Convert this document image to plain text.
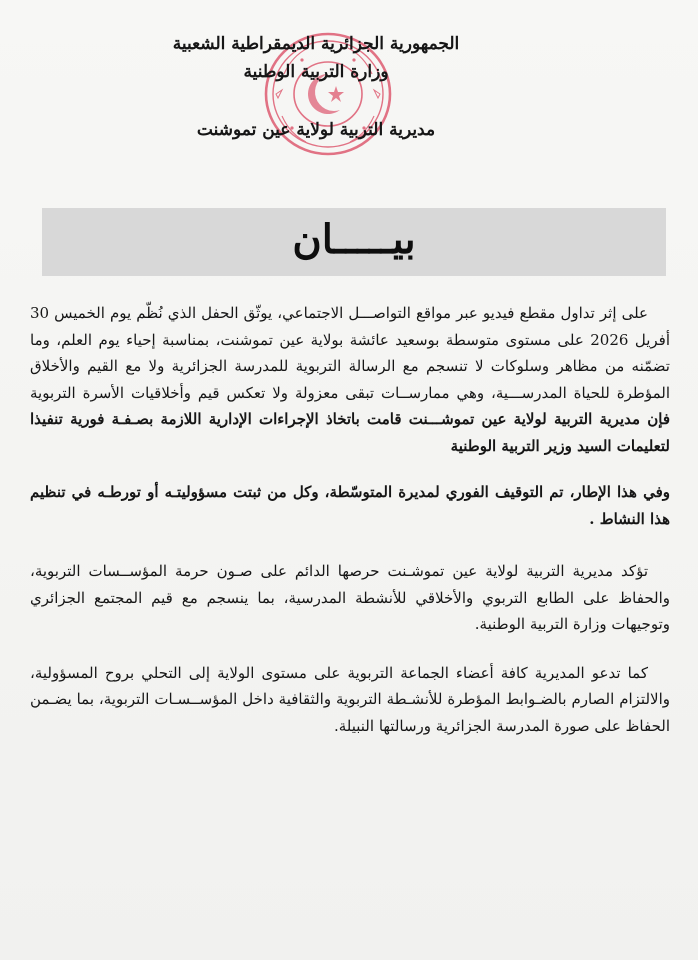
الجمهورية الجزائرية الديمقراطية الشعبية
وزارة التربية الوطنية
مديرية التربية لولاية عين تموشنت
بيـــــان

على إثر تداول مقطع فيديو عبر مواقع التواصـــل الاجتماعي، يوثّق الحفل الذي نُظّم يوم الخميس 30 أفريل 2026 على مستوى متوسطة بوسعيد عائشة بولاية عين تموشنت، بمناسبة إحياء يوم العلم، وما تضمّنه من مظاهر وسلوكات لا تنسجم مع الرسالة التربوية للمدرسة الجزائرية ولا مع القيم والأخلاق المؤطرة للحياة المدرســـية، وهي ممارســات تبقى معزولة ولا تعكس قيم وأخلاقيات الأسرة التربوية فإن مديرية التربية لولاية عين تموشـــنت قامت باتخاذ الإجراءات الإدارية اللازمة بصـفـة فورية تنفيذا لتعليمات السيد وزير التربية الوطنية

وفي هذا الإطار، تم التوقيف الفوري لمديرة المتوسّطة، وكل من ثبتت مسؤوليتـه أو تورطـه في تنظيم هذا النشاط .

تؤكد مديرية التربية لولاية عين تموشـنت حرصها الدائم على صـون حرمة المؤســسات التربوية، والحفاظ على الطابع التربوي والأخلاقي للأنشطة المدرسية، بما ينسجم مع قيم المجتمع الجزائري وتوجيهات وزارة التربية الوطنية.

كما تدعو المديرية كافة أعضاء الجماعة التربوية على مستوى الولاية إلى التحلي بروح المسؤولية، والالتزام الصارم بالضـوابط المؤطرة للأنشـطة التربوية والثقافية داخل المؤســسـات التربوية، بما يضـمن الحفاظ على صورة المدرسة الجزائرية ورسالتها النبيلة.
